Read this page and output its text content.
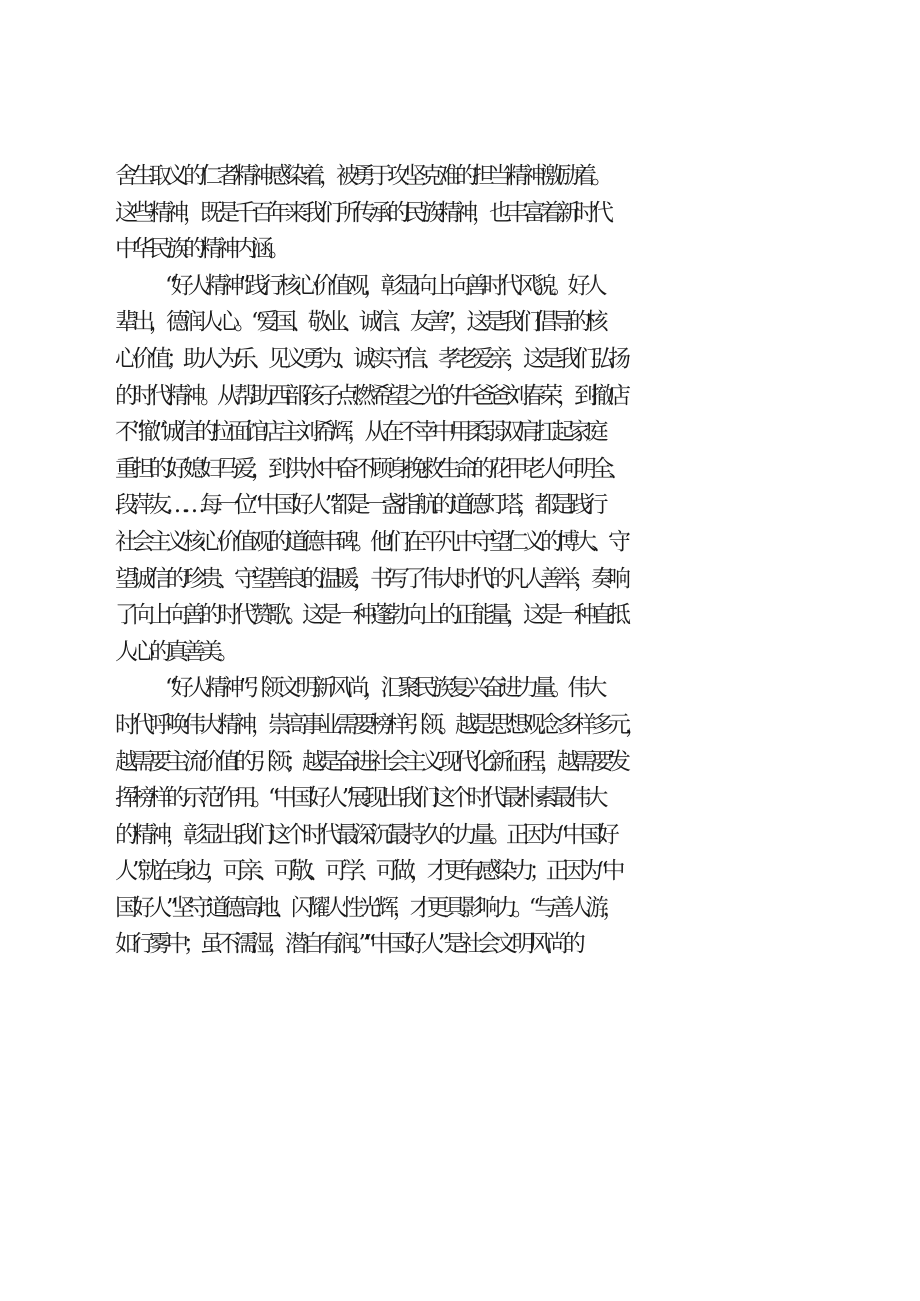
舍生取义的仁者精神感染着，被勇于攻坚克难的担当精神激励着。
这些精神，既是千百年来我们所传承的民族精神，也丰富着新时代
中华民族的精神内涵。
“好人精神”践行核心价值观，彰显向上向善时代风貌。好人
辈出，德润人心。“爱国、敬业、诚信、友善”，这是我们倡导的核
心价值；助人为乐、见义勇为、诚实守信、孝老爱亲，这是我们弘扬
的时代精神。从帮助西部孩子点燃希望之光的牛爸爸刘春荣，到撤店
不“撤”诚信的拉面馆店主刘希辉，从在不幸中用柔弱双肩扛起家庭
重担的好媳妇马爱，到洪水中奋不顾身挽救生命的花甲老人何明全、
段萍友……每一位“中国好人”都是一盏指航的道德灯塔，都是践行
社会主义核心价值观的道德丰碑。他们在平凡中守望仁义的博大、守
望诚信的珍贵、守望善良的温暖，书写了伟大时代的凡人善举，奏响
了向上向善的时代赞歌。这是一种蓬勃向上的正能量，这是一种直抵
人心的真善美。
“好人精神”引领文明新风尚，汇聚民族复兴奋进力量。伟大
时代呼唤伟大精神，崇高事业需要榜样引领。越是思想观念多样多元，
越需要主流价值的引领；越是奋进社会主义现代化新征程，越需要发
挥榜样的示范作用。“中国好人”展现出我们这个时代最朴素最伟大
的精神，彰显出我们这个时代最深沉最持久的力量。正因为“中国好
人”就在身边，可亲、可敬、可学、可做，才更有感染力；正因为“中
国好人”坚守道德高地、闪耀人性光辉，才更具影响力。“与善人游，
如行雾中；虽不濡湿，潜自有润。”“中国好人”是社会文明风尚的
